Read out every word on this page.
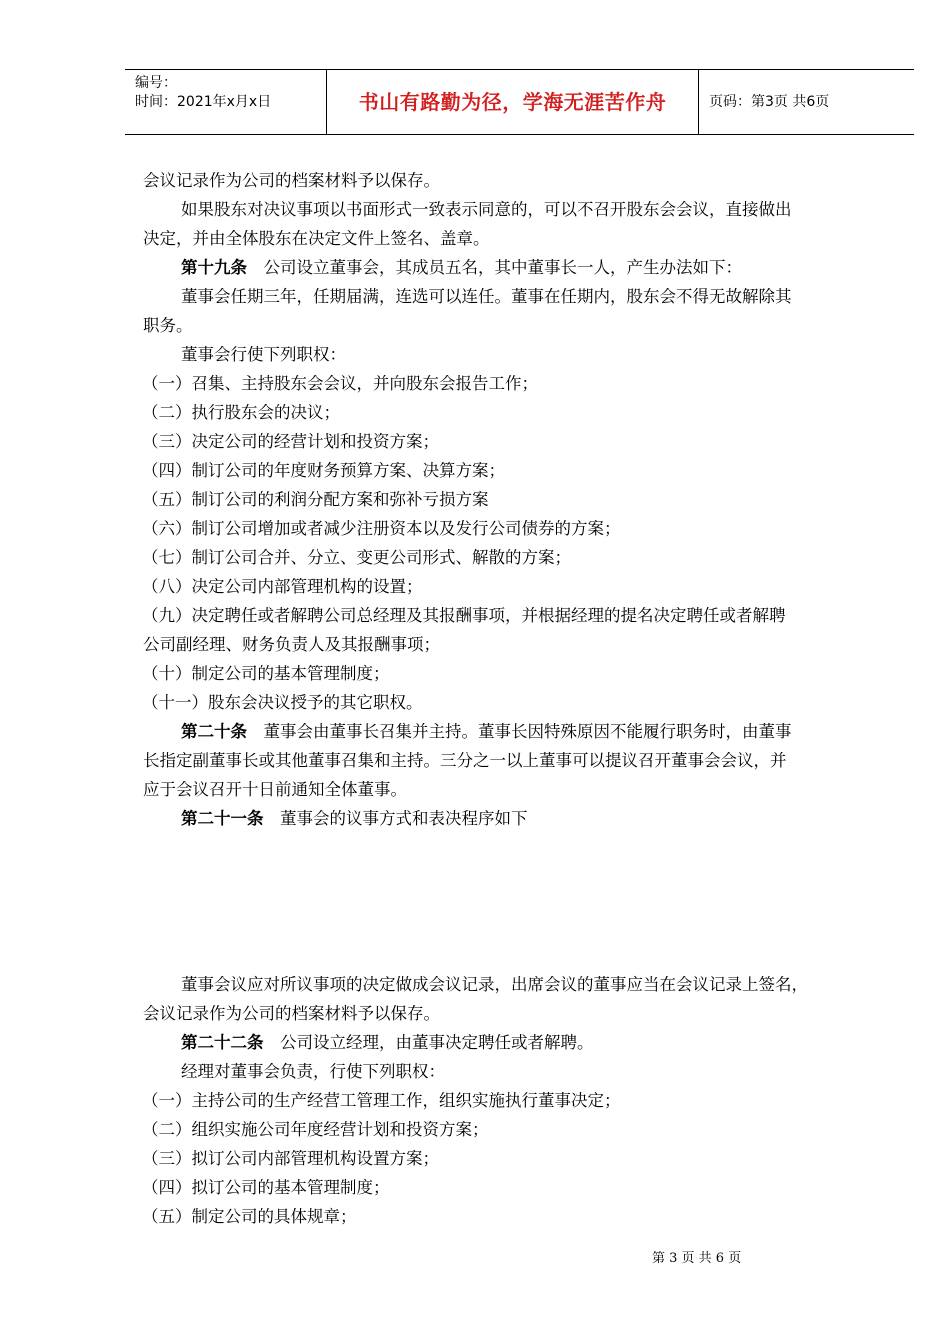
编号：
时间：2021年x月x日	书山有路勤为径，学海无涯苦作舟	页码：第3页 共6页

会议记录作为公司的档案材料予以保存。

如果股东对决议事项以书面形式一致表示同意的，可以不召开股东会会议，直接做出

决定，并由全体股东在决定文件上签名、盖章。

第十九条  公司设立董事会，其成员五名，其中董事长一人，产生办法如下：

董事会任期三年，任期届满，连选可以连任。董事在任期内，股东会不得无故解除其

职务。

董事会行使下列职权：

（一）召集、主持股东会会议，并向股东会报告工作；

（二）执行股东会的决议；

（三）决定公司的经营计划和投资方案；

（四）制订公司的年度财务预算方案、决算方案；

（五）制订公司的利润分配方案和弥补亏损方案

（六）制订公司增加或者减少注册资本以及发行公司债券的方案；

（七）制订公司合并、分立、变更公司形式、解散的方案；

（八）决定公司内部管理机构的设置；

（九）决定聘任或者解聘公司总经理及其报酬事项，并根据经理的提名决定聘任或者解聘

公司副经理、财务负责人及其报酬事项；

（十）制定公司的基本管理制度；

（十一）股东会决议授予的其它职权。

第二十条  董事会由董事长召集并主持。董事长因特殊原因不能履行职务时，由董事

长指定副董事长或其他董事召集和主持。三分之一以上董事可以提议召开董事会会议，并

应于会议召开十日前通知全体董事。

第二十一条  董事会的议事方式和表决程序如下

董事会议应对所议事项的决定做成会议记录，出席会议的董事应当在会议记录上签名，

会议记录作为公司的档案材料予以保存。

第二十二条  公司设立经理，由董事决定聘任或者解聘。

经理对董事会负责，行使下列职权：

（一）主持公司的生产经营工管理工作，组织实施执行董事决定；

（二）组织实施公司年度经营计划和投资方案；

（三）拟订公司内部管理机构设置方案；

（四）拟订公司的基本管理制度；

（五）制定公司的具体规章；

第 3 页 共 6 页
